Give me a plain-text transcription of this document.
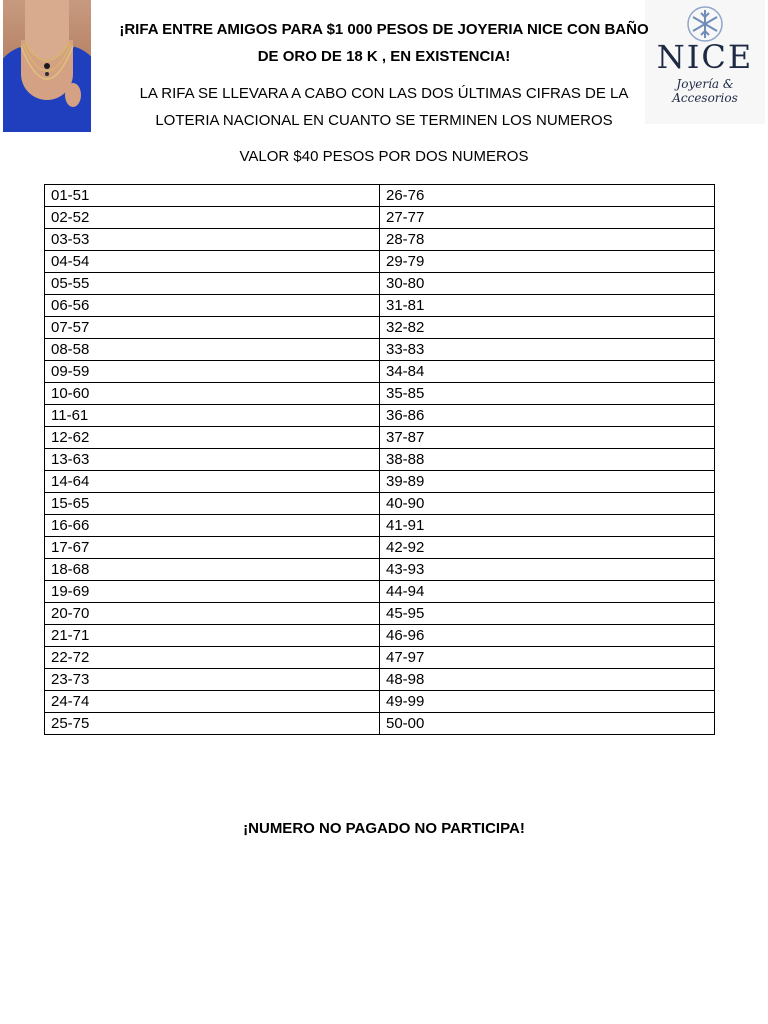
NICE
Joyería & Accesorios
¡RIFA ENTRE AMIGOS PARA $1 000 PESOS DE JOYERIA NICE CON BAÑO
DE ORO DE 18 K , EN EXISTENCIA!
LA RIFA SE LLEVARA A CABO CON LAS DOS ÚLTIMAS CIFRAS DE LA
LOTERIA NACIONAL EN CUANTO SE TERMINEN LOS NUMEROS
VALOR $40 PESOS POR DOS NUMEROS
01-51	26-76
02-52	27-77
03-53	28-78
04-54	29-79
05-55	30-80
06-56	31-81
07-57	32-82
08-58	33-83
09-59	34-84
10-60	35-85
11-61	36-86
12-62	37-87
13-63	38-88
14-64	39-89
15-65	40-90
16-66	41-91
17-67	42-92
18-68	43-93
19-69	44-94
20-70	45-95
21-71	46-96
22-72	47-97
23-73	48-98
24-74	49-99
25-75	50-00
¡NUMERO NO PAGADO NO PARTICIPA!
